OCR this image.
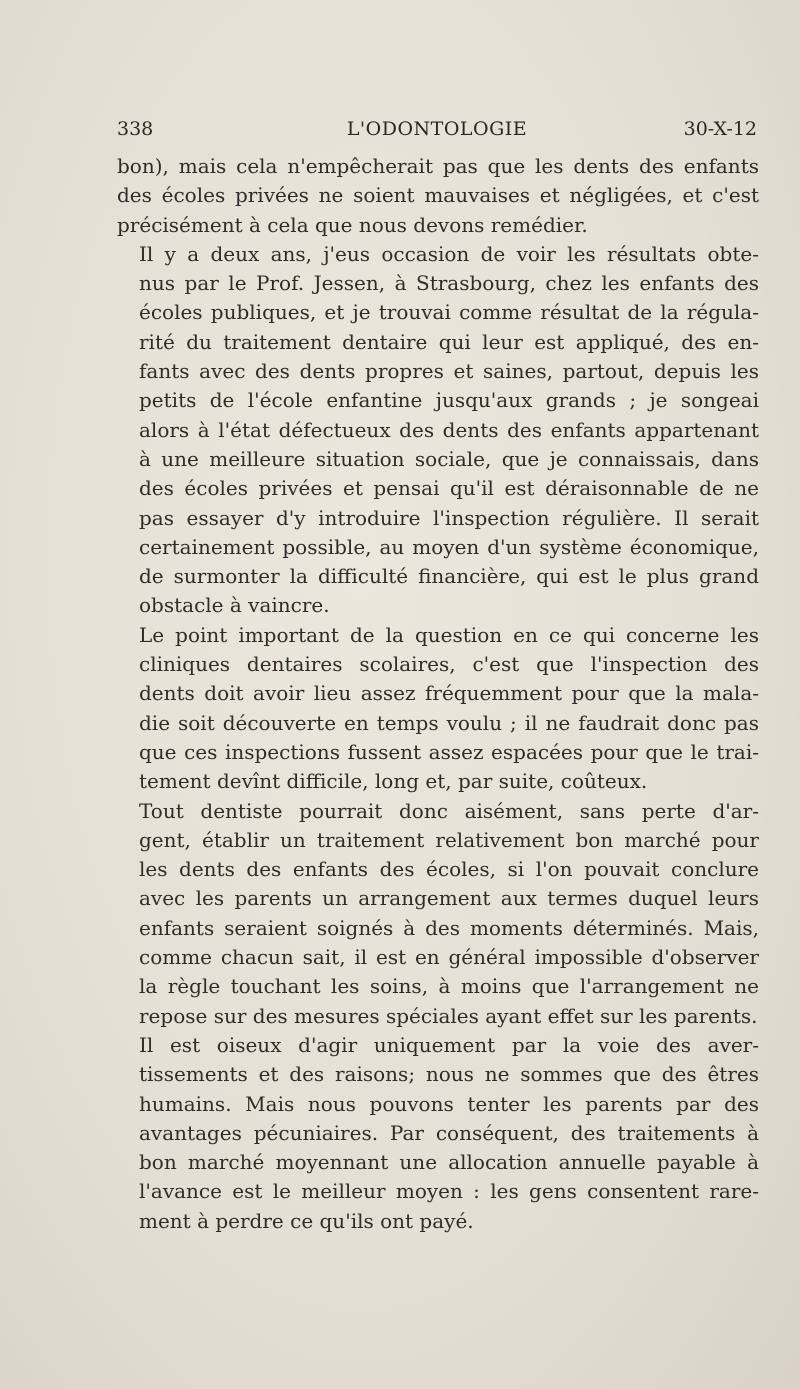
338	L'ODONTOLOGIE	30-X-12

bon), mais cela n'empêcherait pas que les dents des enfants
des écoles privées ne soient mauvaises et négligées, et c'est
précisément à cela que nous devons remédier.

Il y a deux ans, j'eus occasion de voir les résultats obte-
nus par le Prof. Jessen, à Strasbourg, chez les enfants des
écoles publiques, et je trouvai comme résultat de la régula-
rité du traitement dentaire qui leur est appliqué, des en-
fants avec des dents propres et saines, partout, depuis les
petits de l'école enfantine jusqu'aux grands ; je songeai
alors à l'état défectueux des dents des enfants appartenant
à une meilleure situation sociale, que je connaissais, dans
des écoles privées et pensai qu'il est déraisonnable de ne
pas essayer d'y introduire l'inspection régulière. Il serait
certainement possible, au moyen d'un système économique,
de surmonter la difficulté financière, qui est le plus grand
obstacle à vaincre.

Le point important de la question en ce qui concerne les
cliniques dentaires scolaires, c'est que l'inspection des
dents doit avoir lieu assez fréquemment pour que la mala-
die soit découverte en temps voulu ; il ne faudrait donc pas
que ces inspections fussent assez espacées pour que le trai-
tement devînt difficile, long et, par suite, coûteux.

Tout dentiste pourrait donc aisément, sans perte d'ar-
gent, établir un traitement relativement bon marché pour
les dents des enfants des écoles, si l'on pouvait conclure
avec les parents un arrangement aux termes duquel leurs
enfants seraient soignés à des moments déterminés. Mais,
comme chacun sait, il est en général impossible d'observer
la règle touchant les soins, à moins que l'arrangement ne
repose sur des mesures spéciales ayant effet sur les parents.

Il est oiseux d'agir uniquement par la voie des aver-
tissements et des raisons; nous ne sommes que des êtres
humains. Mais nous pouvons tenter les parents par des
avantages pécuniaires. Par conséquent, des traitements à
bon marché moyennant une allocation annuelle payable à
l'avance est le meilleur moyen : les gens consentent rare-
ment à perdre ce qu'ils ont payé.
